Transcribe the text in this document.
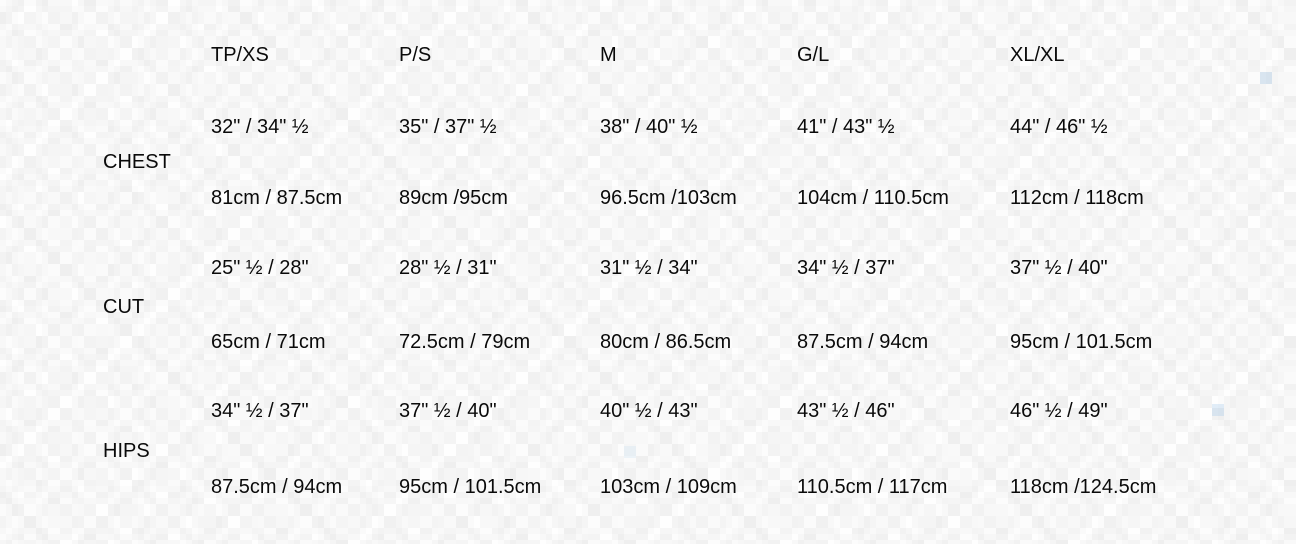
TP/XS	P/S	M	G/L	XL/XL
32" / 34" ½	35" / 37" ½	38" / 40" ½	41" / 43" ½	44" / 46" ½
CHEST
81cm / 87.5cm	89cm /95cm	96.5cm /103cm	104cm / 110.5cm	112cm / 118cm
25" ½ / 28"	28" ½ / 31"	31" ½ / 34"	34" ½ / 37"	37" ½ / 40"
CUT
65cm / 71cm	72.5cm / 79cm	80cm / 86.5cm	87.5cm / 94cm	95cm / 101.5cm
34" ½ / 37"	37" ½ / 40"	40" ½ / 43"	43" ½ / 46"	46" ½ / 49"
HIPS
87.5cm / 94cm	95cm / 101.5cm	103cm / 109cm	110.5cm / 117cm	118cm /124.5cm
